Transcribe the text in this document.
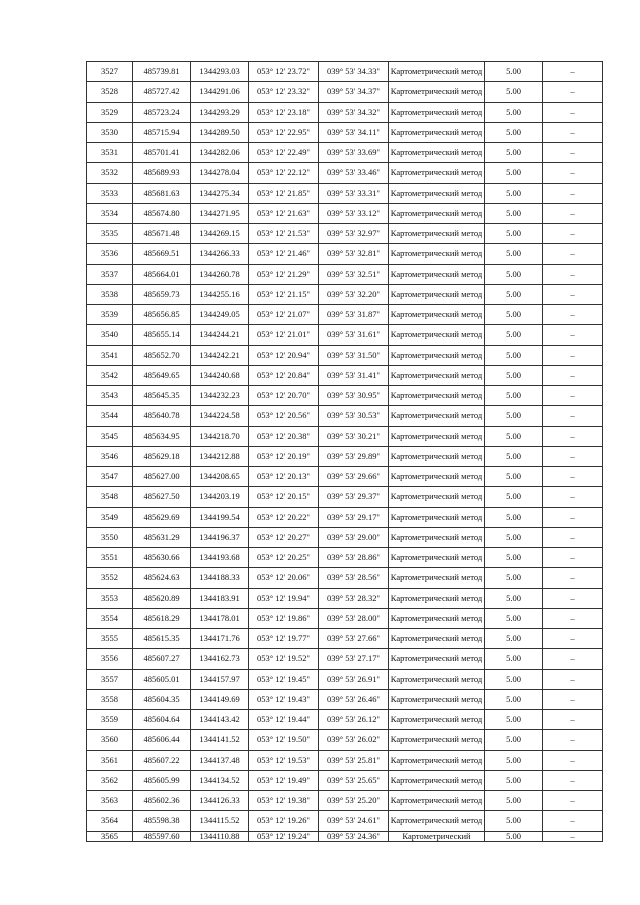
3527	485739.81	1344293.03	053° 12' 23.72"	039° 53' 34.33"	Картометрический метод	5.00	–
3528	485727.42	1344291.06	053° 12' 23.32"	039° 53' 34.37"	Картометрический метод	5.00	–
3529	485723.24	1344293.29	053° 12' 23.18"	039° 53' 34.32"	Картометрический метод	5.00	–
3530	485715.94	1344289.50	053° 12' 22.95"	039° 53' 34.11"	Картометрический метод	5.00	–
3531	485701.41	1344282.06	053° 12' 22.49"	039° 53' 33.69"	Картометрический метод	5.00	–
3532	485689.93	1344278.04	053° 12' 22.12"	039° 53' 33.46"	Картометрический метод	5.00	–
3533	485681.63	1344275.34	053° 12' 21.85"	039° 53' 33.31"	Картометрический метод	5.00	–
3534	485674.80	1344271.95	053° 12' 21.63"	039° 53' 33.12"	Картометрический метод	5.00	–
3535	485671.48	1344269.15	053° 12' 21.53"	039° 53' 32.97"	Картометрический метод	5.00	–
3536	485669.51	1344266.33	053° 12' 21.46"	039° 53' 32.81"	Картометрический метод	5.00	–
3537	485664.01	1344260.78	053° 12' 21.29"	039° 53' 32.51"	Картометрический метод	5.00	–
3538	485659.73	1344255.16	053° 12' 21.15"	039° 53' 32.20"	Картометрический метод	5.00	–
3539	485656.85	1344249.05	053° 12' 21.07"	039° 53' 31.87"	Картометрический метод	5.00	–
3540	485655.14	1344244.21	053° 12' 21.01"	039° 53' 31.61"	Картометрический метод	5.00	–
3541	485652.70	1344242.21	053° 12' 20.94"	039° 53' 31.50"	Картометрический метод	5.00	–
3542	485649.65	1344240.68	053° 12' 20.84"	039° 53' 31.41"	Картометрический метод	5.00	–
3543	485645.35	1344232.23	053° 12' 20.70"	039° 53' 30.95"	Картометрический метод	5.00	–
3544	485640.78	1344224.58	053° 12' 20.56"	039° 53' 30.53"	Картометрический метод	5.00	–
3545	485634.95	1344218.70	053° 12' 20.38"	039° 53' 30.21"	Картометрический метод	5.00	–
3546	485629.18	1344212.88	053° 12' 20.19"	039° 53' 29.89"	Картометрический метод	5.00	–
3547	485627.00	1344208.65	053° 12' 20.13"	039° 53' 29.66"	Картометрический метод	5.00	–
3548	485627.50	1344203.19	053° 12' 20.15"	039° 53' 29.37"	Картометрический метод	5.00	–
3549	485629.69	1344199.54	053° 12' 20.22"	039° 53' 29.17"	Картометрический метод	5.00	–
3550	485631.29	1344196.37	053° 12' 20.27"	039° 53' 29.00"	Картометрический метод	5.00	–
3551	485630.66	1344193.68	053° 12' 20.25"	039° 53' 28.86"	Картометрический метод	5.00	–
3552	485624.63	1344188.33	053° 12' 20.06"	039° 53' 28.56"	Картометрический метод	5.00	–
3553	485620.89	1344183.91	053° 12' 19.94"	039° 53' 28.32"	Картометрический метод	5.00	–
3554	485618.29	1344178.01	053° 12' 19.86"	039° 53' 28.00"	Картометрический метод	5.00	–
3555	485615.35	1344171.76	053° 12' 19.77"	039° 53' 27.66"	Картометрический метод	5.00	–
3556	485607.27	1344162.73	053° 12' 19.52"	039° 53' 27.17"	Картометрический метод	5.00	–
3557	485605.01	1344157.97	053° 12' 19.45"	039° 53' 26.91"	Картометрический метод	5.00	–
3558	485604.35	1344149.69	053° 12' 19.43"	039° 53' 26.46"	Картометрический метод	5.00	–
3559	485604.64	1344143.42	053° 12' 19.44"	039° 53' 26.12"	Картометрический метод	5.00	–
3560	485606.44	1344141.52	053° 12' 19.50"	039° 53' 26.02"	Картометрический метод	5.00	–
3561	485607.22	1344137.48	053° 12' 19.53"	039° 53' 25.81"	Картометрический метод	5.00	–
3562	485605.99	1344134.52	053° 12' 19.49"	039° 53' 25.65"	Картометрический метод	5.00	–
3563	485602.36	1344126.33	053° 12' 19.38"	039° 53' 25.20"	Картометрический метод	5.00	–
3564	485598.38	1344115.52	053° 12' 19.26"	039° 53' 24.61"	Картометрический метод	5.00	–
3565	485597.60	1344110.88	053° 12' 19.24"	039° 53' 24.36"	Картометрический	5.00	–
